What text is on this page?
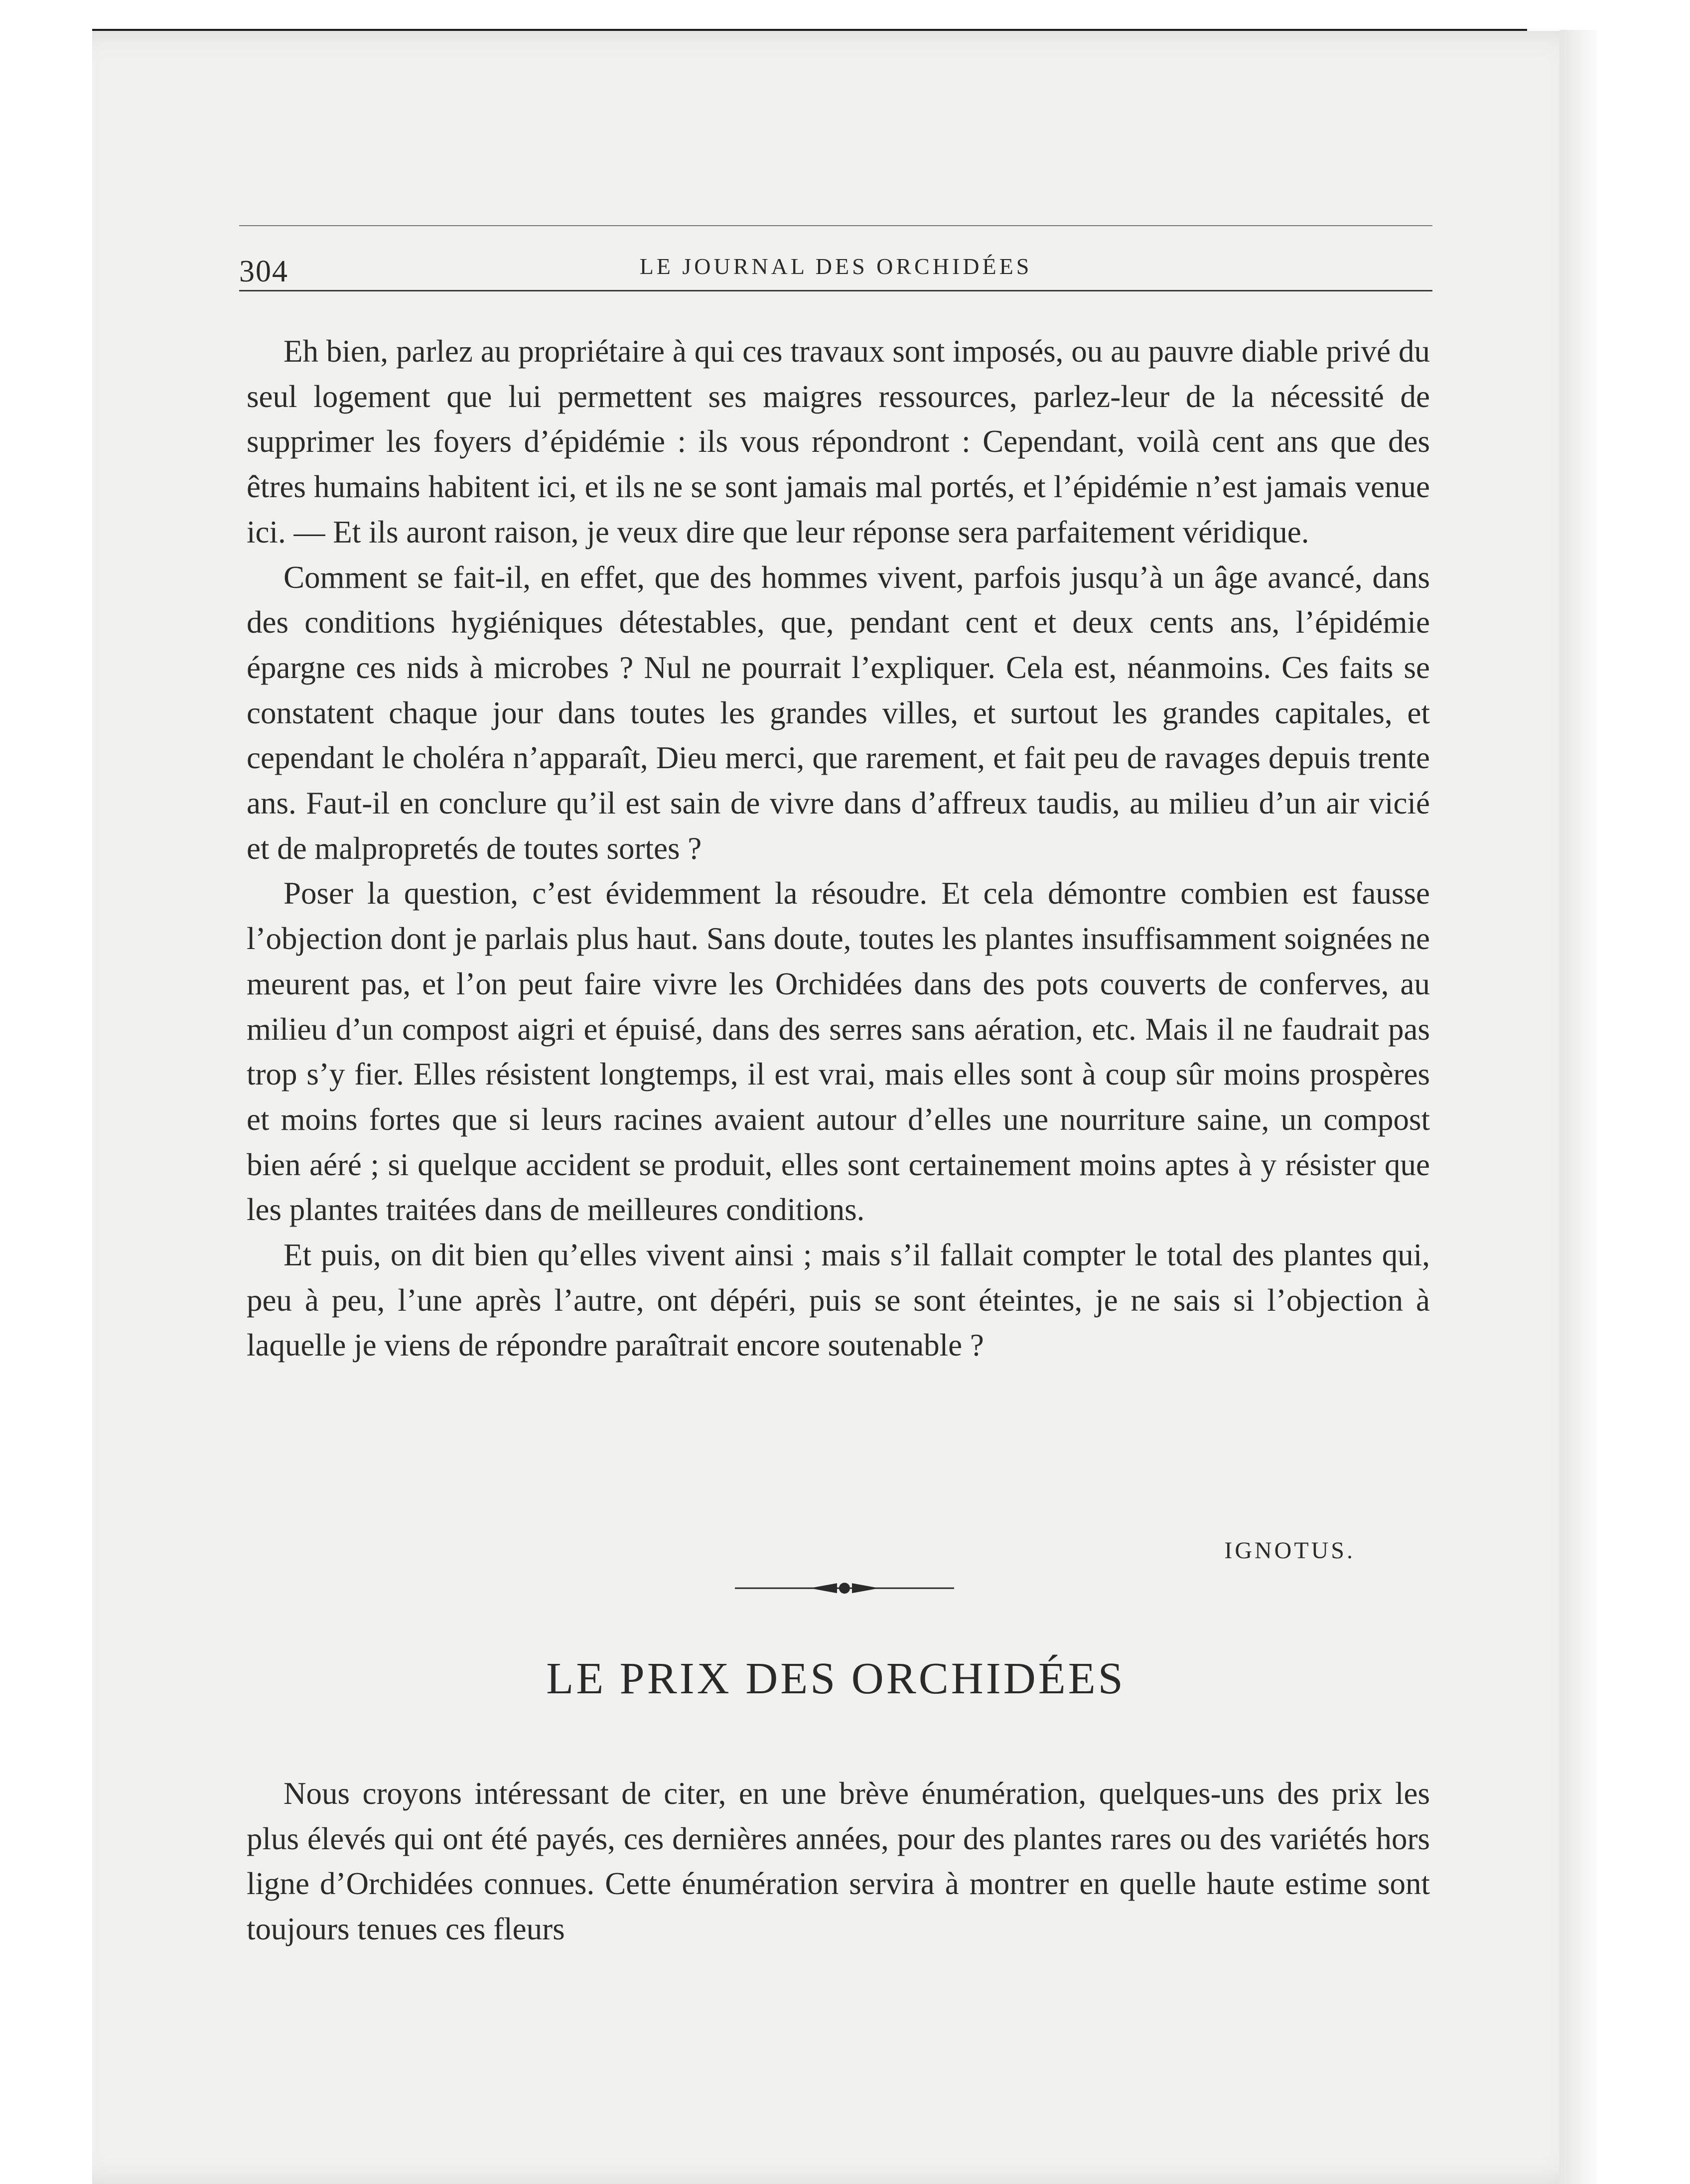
304	LE JOURNAL DES ORCHIDÉES

Eh bien, parlez au propriétaire à qui ces travaux sont imposés, ou au pauvre diable privé du seul logement que lui permettent ses maigres ressources, parlez-leur de la nécessité de supprimer les foyers d’épidémie : ils vous répondront : Cependant, voilà cent ans que des êtres humains habitent ici, et ils ne se sont jamais mal portés, et l’épidémie n’est jamais venue ici. — Et ils auront raison, je veux dire que leur réponse sera parfaitement véridique.

Comment se fait-il, en effet, que des hommes vivent, parfois jusqu’à un âge avancé, dans des conditions hygiéniques détestables, que, pendant cent et deux cents ans, l’épidémie épargne ces nids à microbes ? Nul ne pourrait l’expliquer. Cela est, néanmoins. Ces faits se constatent chaque jour dans toutes les grandes villes, et surtout les grandes capitales, et cependant le choléra n’apparaît, Dieu merci, que rarement, et fait peu de ravages depuis trente ans. Faut-il en conclure qu’il est sain de vivre dans d’affreux taudis, au milieu d’un air vicié et de malpropretés de toutes sortes ?

Poser la question, c’est évidemment la résoudre. Et cela démontre combien est fausse l’objection dont je parlais plus haut. Sans doute, toutes les plantes insuffisamment soignées ne meurent pas, et l’on peut faire vivre les Orchidées dans des pots couverts de conferves, au milieu d’un compost aigri et épuisé, dans des serres sans aération, etc. Mais il ne faudrait pas trop s’y fier. Elles résistent longtemps, il est vrai, mais elles sont à coup sûr moins prospères et moins fortes que si leurs racines avaient autour d’elles une nourriture saine, un compost bien aéré ; si quelque accident se produit, elles sont certainement moins aptes à y résister que les plantes traitées dans de meilleures conditions.

Et puis, on dit bien qu’elles vivent ainsi ; mais s’il fallait compter le total des plantes qui, peu à peu, l’une après l’autre, ont dépéri, puis se sont éteintes, je ne sais si l’objection à laquelle je viens de répondre paraîtrait encore soutenable ?

IGNOTUS.
LE PRIX DES ORCHIDÉES

Nous croyons intéressant de citer, en une brève énumération, quelques-uns des prix les plus élevés qui ont été payés, ces dernières années, pour des plantes rares ou des variétés hors ligne d’Orchidées connues. Cette énumération servira à montrer en quelle haute estime sont toujours tenues ces fleurs
